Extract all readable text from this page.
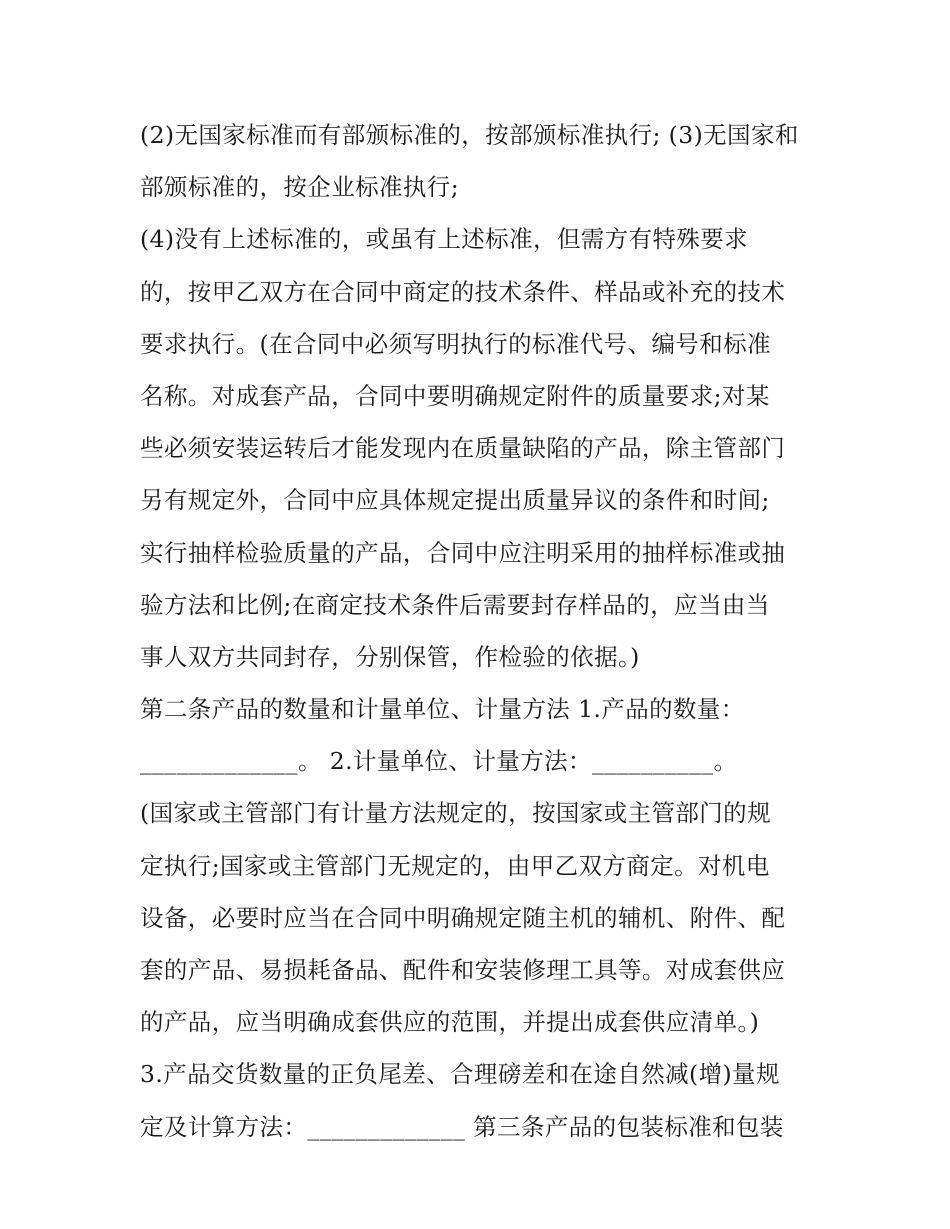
(2)无国家标准而有部颁标准的，按部颁标准执行; (3)无国家和
部颁标准的，按企业标准执行;
(4)没有上述标准的，或虽有上述标准，但需方有特殊要求
的，按甲乙双方在合同中商定的技术条件、样品或补充的技术
要求执行。(在合同中必须写明执行的标准代号、编号和标准
名称。对成套产品，合同中要明确规定附件的质量要求;对某
些必须安装运转后才能发现内在质量缺陷的产品，除主管部门
另有规定外，合同中应具体规定提出质量异议的条件和时间;
实行抽样检验质量的产品，合同中应注明采用的抽样标准或抽
验方法和比例;在商定技术条件后需要封存样品的，应当由当
事人双方共同封存，分别保管，作检验的依据。)
第二条产品的数量和计量单位、计量方法 1.产品的数量：
_____________。 2.计量单位、计量方法：__________。
(国家或主管部门有计量方法规定的，按国家或主管部门的规
定执行;国家或主管部门无规定的，由甲乙双方商定。对机电
设备，必要时应当在合同中明确规定随主机的辅机、附件、配
套的产品、易损耗备品、配件和安装修理工具等。对成套供应
的产品，应当明确成套供应的范围，并提出成套供应清单。)
3.产品交货数量的正负尾差、合理磅差和在途自然减(增)量规
定及计算方法：_____________ 第三条产品的包装标准和包装
